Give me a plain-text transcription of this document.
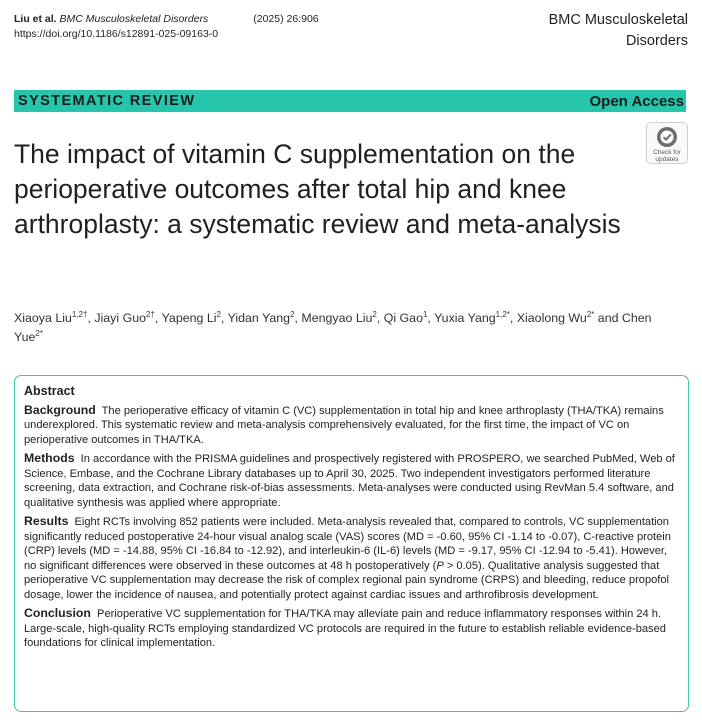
Liu et al. BMC Musculoskeletal Disorders	(2025) 26:906
https://doi.org/10.1186/s12891-025-09163-0
BMC Musculoskeletal
Disorders
SYSTEMATIC REVIEW	Open Access
Check for
updates
The impact of vitamin C supplementation on the perioperative outcomes after total hip and knee arthroplasty: a systematic review and meta-analysis
Xiaoya Liu$^{1,2\dagger}$, Jiayi Guo$^{2\dagger}$, Yapeng Li$^2$, Yidan Yang$^2$, Mengyao Liu$^2$, Qi Gao$^1$, Yuxia Yang$^{1,2*}$, Xiaolong $Wu^{2*}$ and Chen Yue$^{2*}$
Abstract

Background The perioperative efficacy of vitamin C (VC) supplementation in total hip and knee arthroplasty (THA/TKA) remains underexplored. This systematic review and meta-analysis comprehensively evaluated, for the first time, the impact of VC on perioperative outcomes in THA/TKA.

Methods In accordance with the PRISMA guidelines and prospectively registered with PROSPERO, we searched PubMed, Web of Science, Embase, and the Cochrane Library databases up to April 30, 2025. Two independent investigators performed literature screening, data extraction, and Cochrane risk-of-bias assessments. Meta-analyses were conducted using RevMan 5.4 software, and qualitative synthesis was applied where appropriate.

Results Eight RCTs involving 852 patients were included. Meta-analysis revealed that, compared to controls, VC supplementation significantly reduced postoperative 24-hour visual analog scale (VAS) scores (MD = -0.60, 95% CI -1.14 to -0.07), C-reactive protein (CRP) levels (MD = -14.88, 95% CI -16.84 to -12.92), and interleukin-6 (IL-6) levels (MD = -9.17, 95% CI -12.94 to -5.41). However, no significant differences were observed in these outcomes at 48 h postoperatively (P > 0.05). Qualitative analysis suggested that perioperative VC supplementation may decrease the risk of complex regional pain syndrome (CRPS) and bleeding, reduce propofol dosage, lower the incidence of nausea, and potentially protect against cardiac issues and arthrofibrosis development.

Conclusion Perioperative VC supplementation for THA/TKA may alleviate pain and reduce inflammatory responses within 24 h. Large-scale, high-quality RCTs employing standardized VC protocols are required in the future to establish reliable evidence-based foundations for clinical implementation.
